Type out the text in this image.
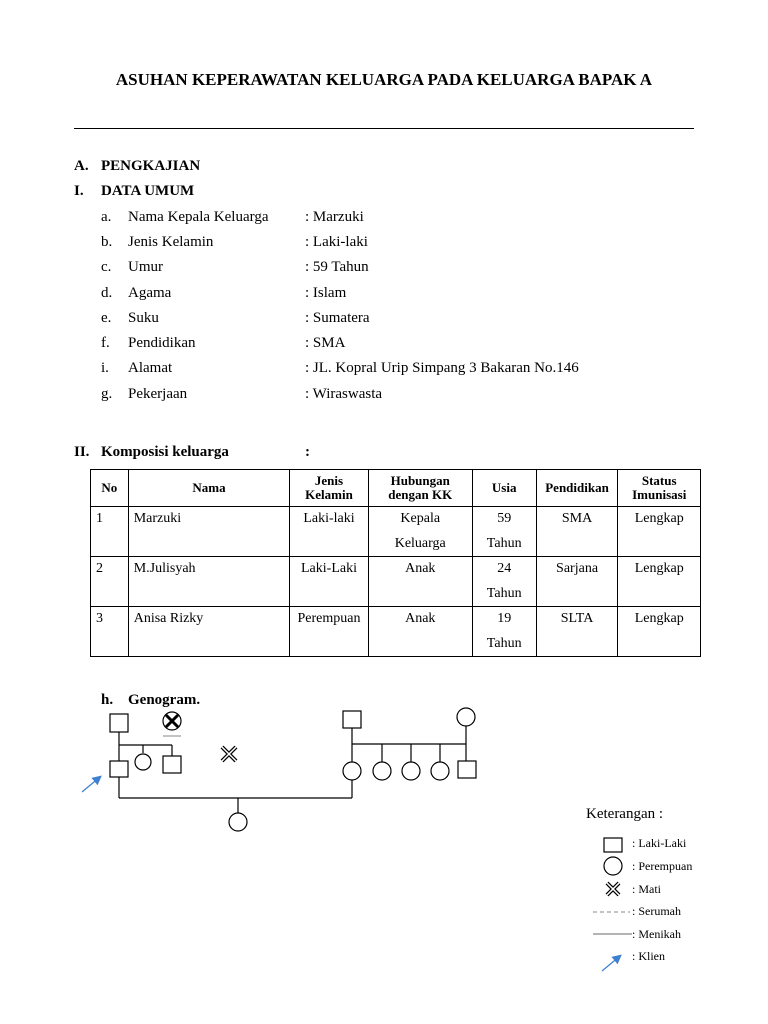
ASUHAN KEPERAWATAN KELUARGA PADA KELUARGA BAPAK A
A. PENGKAJIAN
I. DATA UMUM
a. Nama Kepala Keluarga : Marzuki
b. Jenis Kelamin	: Laki-laki
c. Umur	: 59 Tahun
d. Agama	: Islam
e. Suku	: Sumatera
f. Pendidikan	: SMA
i. Alamat	: JL. Kopral Urip Simpang 3 Bakaran No.146
g. Pekerjaan	: Wiraswasta
II. Komposisi keluarga	:
No	Nama	Jenis Kelamin	Hubungan dengan KK	Usia	Pendidikan	Status Imunisasi
1	Marzuki	Laki-laki	Kepala Keluarga	59 Tahun	SMA	Lengkap
2	M.Julisyah	Laki-Laki	Anak	24 Tahun	Sarjana	Lengkap
3	Anisa Rizky	Perempuan	Anak	19 Tahun	SLTA	Lengkap
h. Genogram.
Keterangan :
: Laki-Laki
: Perempuan
: Mati
: Serumah
: Menikah
: Klien
